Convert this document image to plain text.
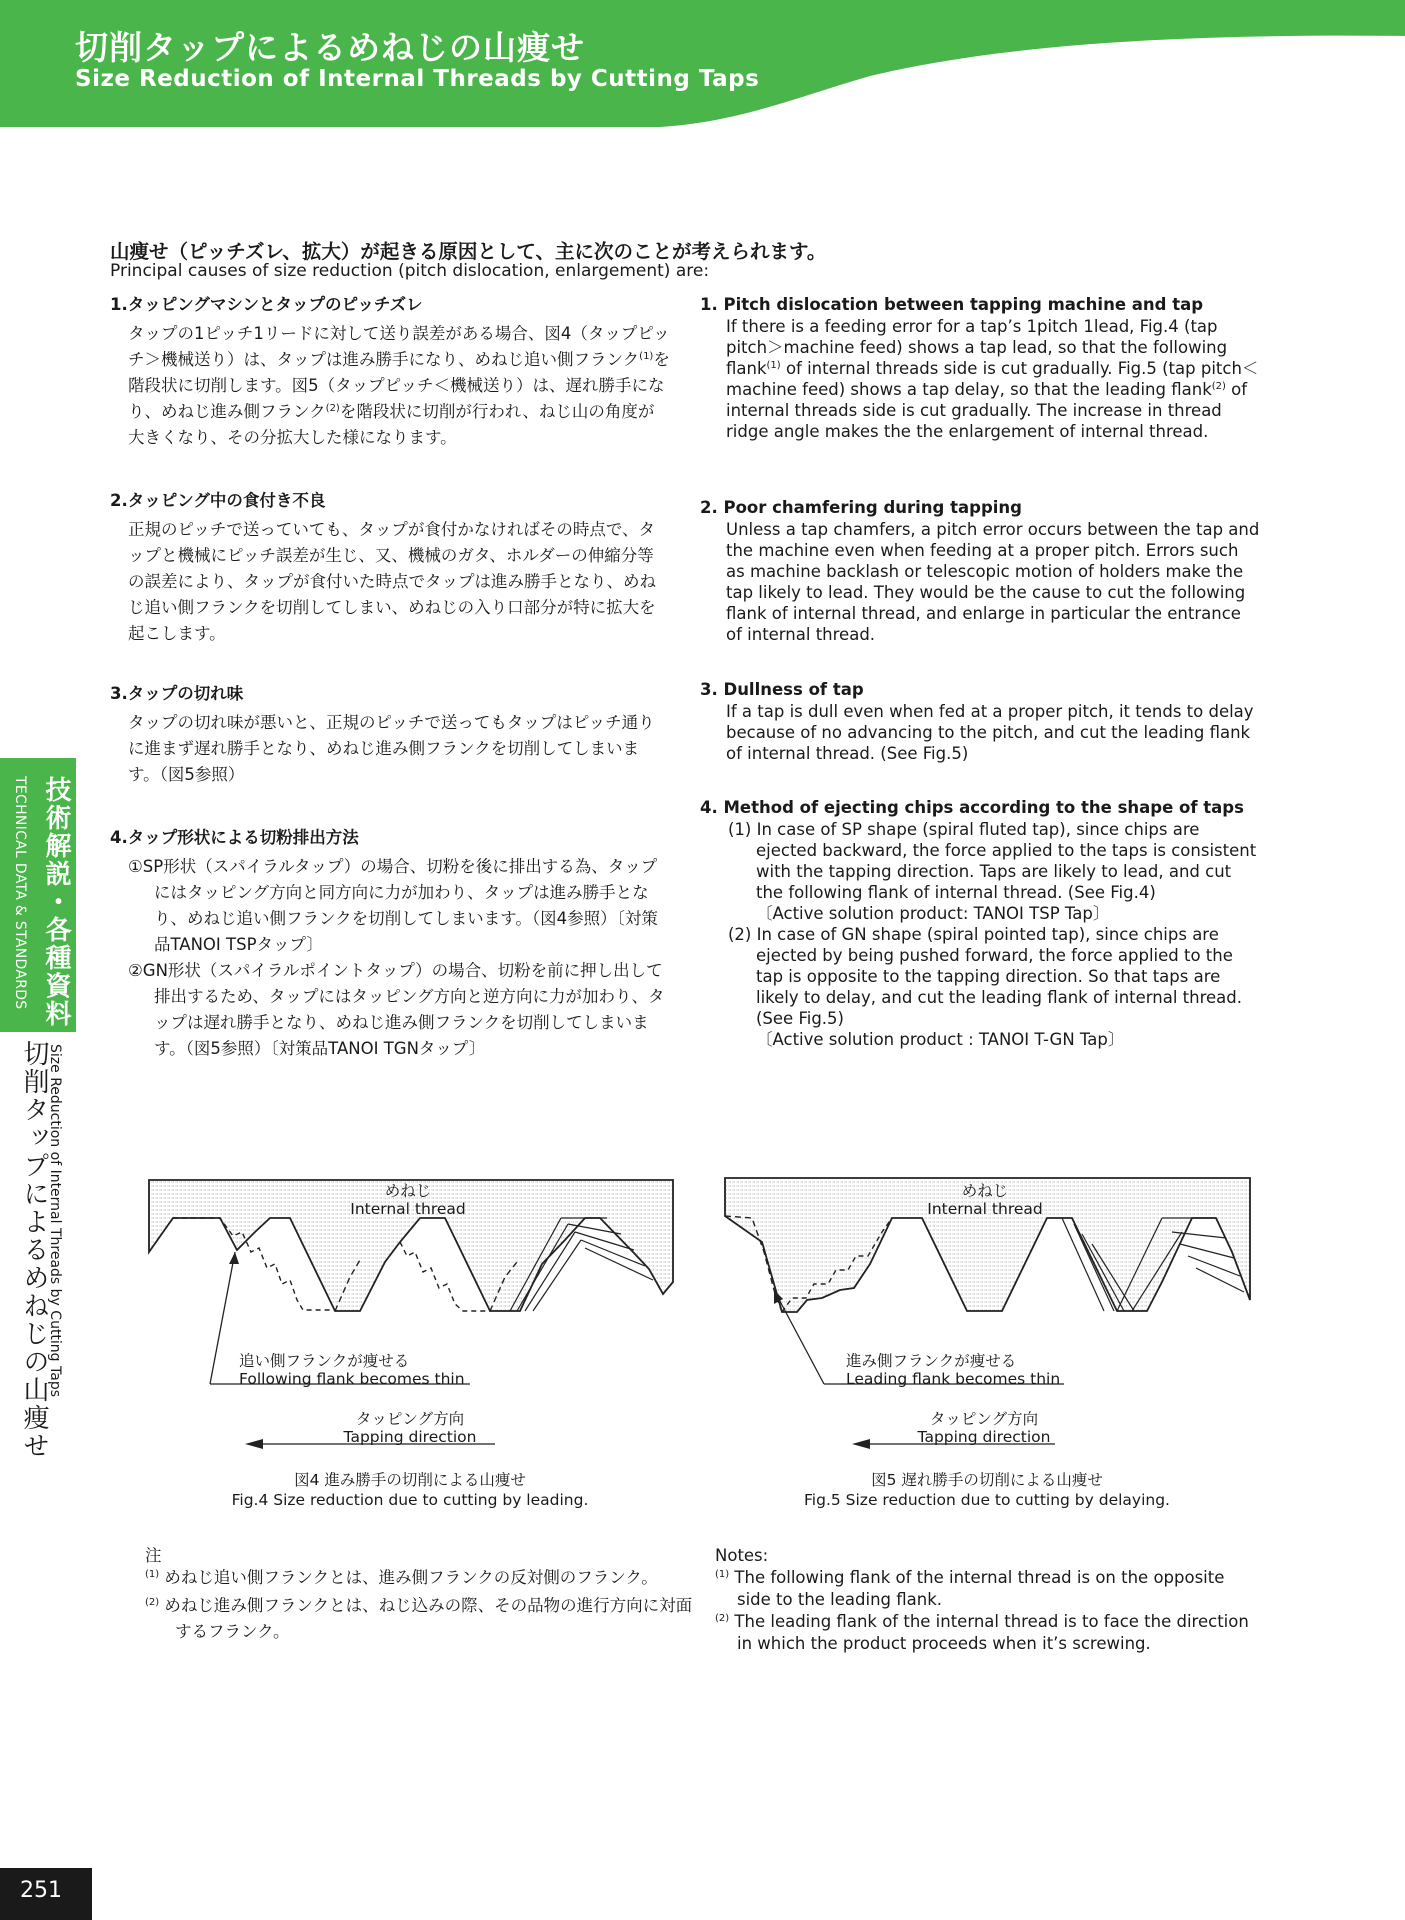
切削タップによるめねじの山痩せ
Size Reduction of Internal Threads by Cutting Taps
山痩せ（ピッチズレ、拡大）が起きる原因として、主に次のことが考えられます。
Principal causes of size reduction (pitch dislocation, enlargement) are:
1.タッピングマシンとタップのピッチズレ
タップの1ピッチ1リードに対して送り誤差がある場合、図4（タップピッチ＞機械送り）は、タップは進み勝手になり、めねじ追い側フランク$^{(1)}$を階段状に切削します。図5（タップピッチ＜機械送り）は、遅れ勝手になり、めねじ進み側フランク$^{(2)}$を階段状に切削が行われ、ねじ山の角度が大きくなり、その分拡大した様になります。
2.タッピング中の食付き不良
正規のピッチで送っていても、タップが食付かなければその時点で、タップと機械にピッチ誤差が生じ、又、機械のガタ、ホルダーの伸縮分等の誤差により、タップが食付いた時点でタップは進み勝手となり、めねじ追い側フランクを切削してしまい、めねじの入り口部分が特に拡大を起こします。
3.タップの切れ味
タップの切れ味が悪いと、正規のピッチで送ってもタップはピッチ通りに進まず遅れ勝手となり、めねじ進み側フランクを切削してしまいます。（図5参照）
4.タップ形状による切粉排出方法
①SP形状（スパイラルタップ）の場合、切粉を後に排出する為、タップにはタッピング方向と同方向に力が加わり、タップは進み勝手となり、めねじ追い側フランクを切削してしまいます。（図4参照）〔対策品TANOI TSPタップ〕
②GN形状（スパイラルポイントタップ）の場合、切粉を前に押し出して排出するため、タップにはタッピング方向と逆方向に力が加わり、タップは遅れ勝手となり、めねじ進み側フランクを切削してしまいます。（図5参照）〔対策品TANOI TGNタップ〕
1. Pitch dislocation between tapping machine and tap
If there is a feeding error for a tap’s 1pitch 1lead, Fig.4 (tap pitch＞machine feed) shows a tap lead, so that the following flank$^{(1)}$ of internal threads side is cut gradually. Fig.5 (tap pitch＜machine feed) shows a tap delay, so that the leading flank$^{(2)}$ of internal threads side is cut gradually. The increase in thread ridge angle makes the the enlargement of internal thread.
2. Poor chamfering during tapping
Unless a tap chamfers, a pitch error occurs between the tap and the machine even when feeding at a proper pitch. Errors such as machine backlash or telescopic motion of holders make the tap likely to lead. They would be the cause to cut the following flank of internal thread, and enlarge in particular the entrance of internal thread.
3. Dullness of tap
If a tap is dull even when fed at a proper pitch, it tends to delay because of no advancing to the pitch, and cut the leading flank of internal thread. (See Fig.5)
4. Method of ejecting chips according to the shape of taps
(1) In case of SP shape (spiral fluted tap), since chips are ejected backward, the force applied to the taps is consistent with the tapping direction. Taps are likely to lead, and cut the following flank of internal thread. (See Fig.4)
〔Active solution product: TANOI TSP Tap〕
(2) In case of GN shape (spiral pointed tap), since chips are ejected by being pushed forward, the force applied to the tap is opposite to the tapping direction. So that taps are likely to delay, and cut the leading flank of internal thread. (See Fig.5)
〔Active solution product : TANOI T-GN Tap〕
技術解説・各種資料
TECHNICAL DATA & STANDARDS
切削タップによるめねじの山痩せ
Size Reduction of Internal Threads by Cutting Taps	めねじ
Internal thread
追い側フランクが痩せる
Following flank becomes thin
タッピング方向
Tapping direction
図4 進み勝手の切削による山痩せ
Fig.4 Size reduction due to cutting by leading.
めねじ
Internal thread
進み側フランクが痩せる
Leading flank becomes thin
タッピング方向
Tapping direction
図5 遅れ勝手の切削による山痩せ
Fig.5 Size reduction due to cutting by delaying.
注
$^{(1)}$ めねじ追い側フランクとは、進み側フランクの反対側のフランク。
$^{(2)}$ めねじ進み側フランクとは、ねじ込みの際、その品物の進行方向に対面するフランク。
Notes:
$^{(1)}$ The following flank of the internal thread is on the opposite side to the leading flank.
$^{(2)}$ The leading flank of the internal thread is to face the direction in which the product proceeds when it’s screwing.
251
